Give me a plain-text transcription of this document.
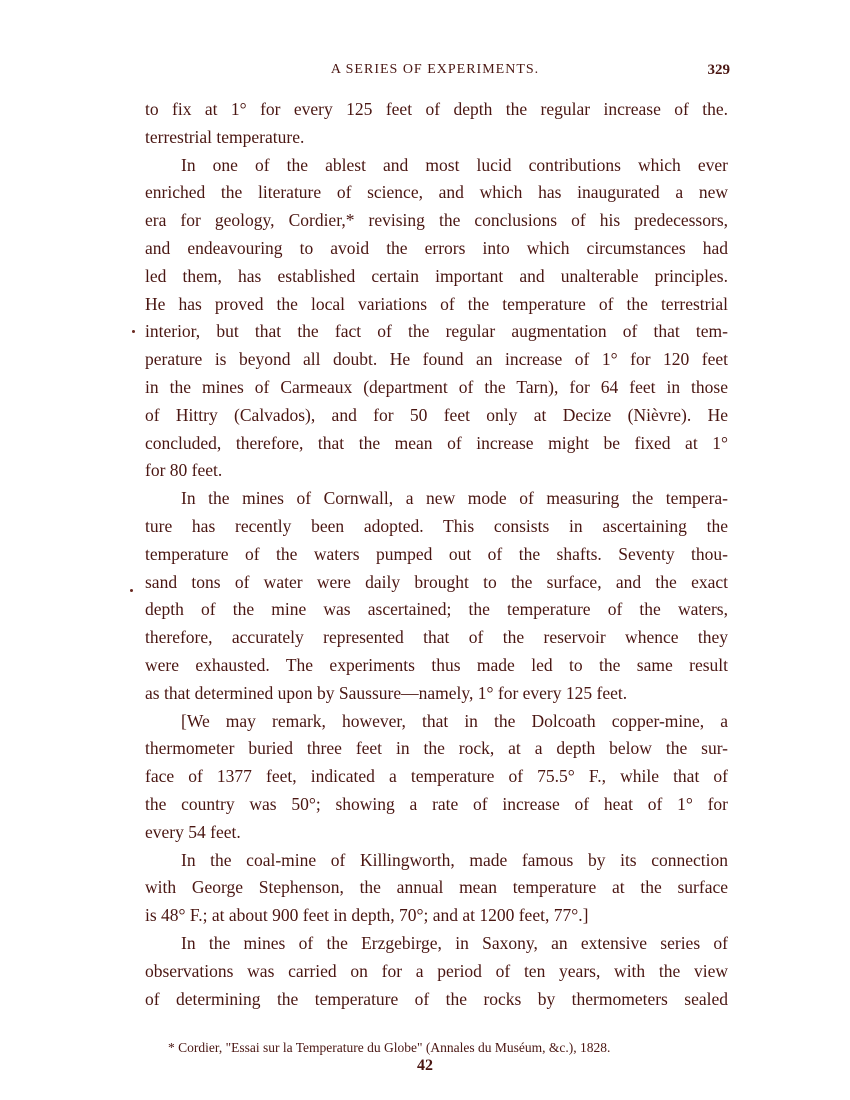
A SERIES OF EXPERIMENTS.	329
to fix at 1° for every 125 feet of depth the regular increase of the.
terrestrial temperature.
In one of the ablest and most lucid contributions which ever
enriched the literature of science, and which has inaugurated a new
era for geology, Cordier,* revising the conclusions of his predecessors,
and endeavouring to avoid the errors into which circumstances had
led them, has established certain important and unalterable principles.
He has proved the local variations of the temperature of the terrestrial
interior, but that the fact of the regular augmentation of that tem-
perature is beyond all doubt. He found an increase of 1° for 120 feet
in the mines of Carmeaux (department of the Tarn), for 64 feet in those
of Hittry (Calvados), and for 50 feet only at Decize (Nièvre). He
concluded, therefore, that the mean of increase might be fixed at 1°
for 80 feet.
In the mines of Cornwall, a new mode of measuring the tempera-
ture has recently been adopted. This consists in ascertaining the
temperature of the waters pumped out of the shafts. Seventy thou-
sand tons of water were daily brought to the surface, and the exact
depth of the mine was ascertained; the temperature of the waters,
therefore, accurately represented that of the reservoir whence they
were exhausted. The experiments thus made led to the same result
as that determined upon by Saussure—namely, 1° for every 125 feet.
[We may remark, however, that in the Dolcoath copper-mine, a
thermometer buried three feet in the rock, at a depth below the sur-
face of 1377 feet, indicated a temperature of 75.5° F., while that of
the country was 50°; showing a rate of increase of heat of 1° for
every 54 feet.
In the coal-mine of Killingworth, made famous by its connection
with George Stephenson, the annual mean temperature at the surface
is 48° F.; at about 900 feet in depth, 70°; and at 1200 feet, 77°.]
In the mines of the Erzgebirge, in Saxony, an extensive series of
observations was carried on for a period of ten years, with the view
of determining the temperature of the rocks by thermometers sealed
* Cordier, "Essai sur la Temperature du Globe" (Annales du Muséum, &c.), 1828.
42
